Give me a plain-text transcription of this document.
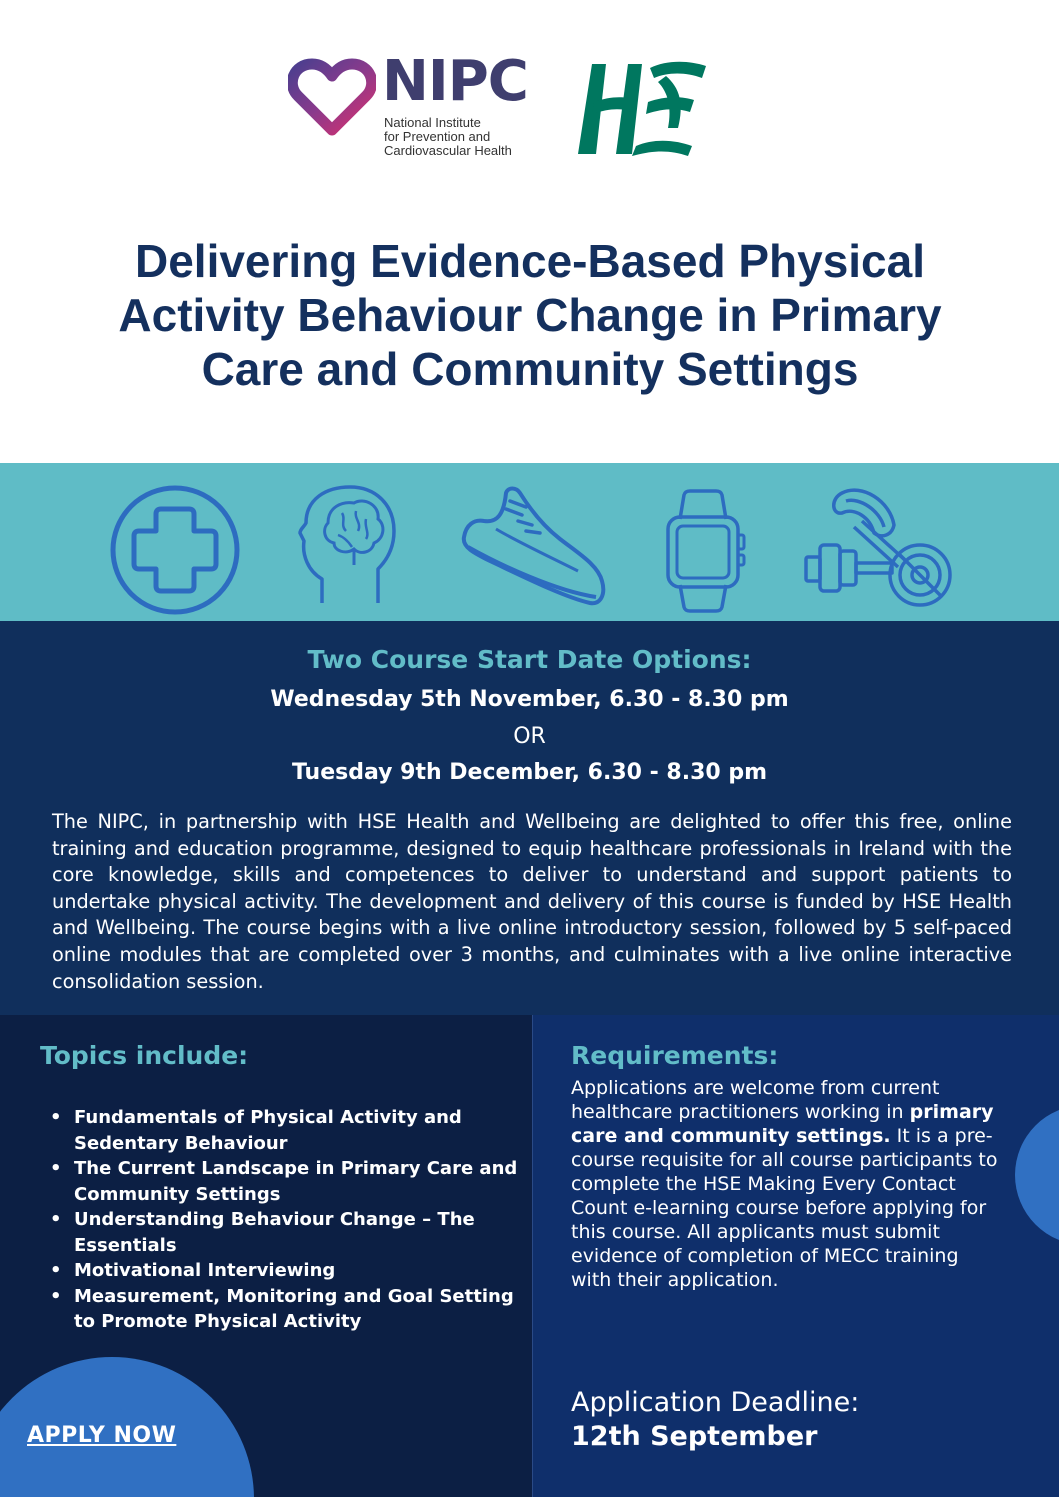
NIPC
National Institute
for Prevention and
Cardiovascular Health
Delivering Evidence-Based Physical
Activity Behaviour Change in Primary
Care and Community Settings
Two Course Start Date Options:
Wednesday 5th November, 6.30 - 8.30 pm
OR
Tuesday 9th December, 6.30 - 8.30 pm

The NIPC, in partnership with HSE Health and Wellbeing are delighted to offer this free, online training and education programme, designed to equip healthcare professionals in Ireland with the core knowledge, skills and competences to deliver to understand and support patients to undertake physical activity. The development and delivery of this course is funded by HSE Health and Wellbeing. The course begins with a live online introductory session, followed by 5 self-paced online modules that are completed over 3 months, and culminates with a live online interactive consolidation session.

Topics include:
• Fundamentals of Physical Activity and Sedentary Behaviour
• The Current Landscape in Primary Care and Community Settings
• Understanding Behaviour Change – The Essentials
• Motivational Interviewing
• Measurement, Monitoring and Goal Setting to Promote Physical Activity
APPLY NOW
Requirements:

Applications are welcome from current healthcare practitioners working in primary care and community settings. It is a pre-course requisite for all course participants to complete the HSE Making Every Contact Count e-learning course before applying for this course. All applicants must submit evidence of completion of MECC training with their application.

Application Deadline:
12th September
